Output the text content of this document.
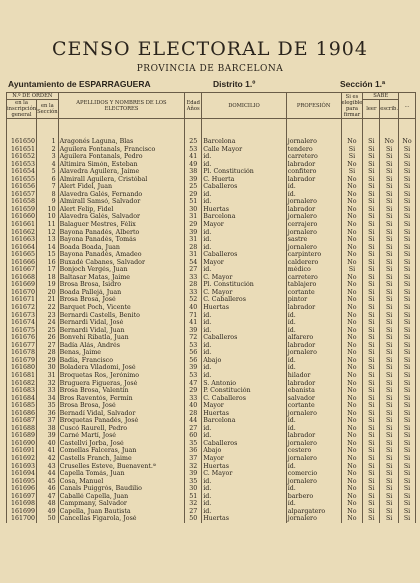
CENSO ELECTORAL DE 1904
PROVINCIA DE BARCELONA
Ayuntamiento de ESPARRAGUERA	Distrito 1.º	Sección 1.ª
N.º DE ORDEN		APELLIDOS Y NOMBRES DE LOS ELECTORES	Edad Años	DOMICILIO	PROFESIÓN	Si es elegible para firmar	SABE		...
en la inscripción general	en la Sección						leer	escrib.	
161650	1	Aragonés Laguna, Blas	25	Barcelona	jornalero	No	Si	No	No
161651	2	Aguilera Fontanals, Francisco	53	Calle Mayor	tendero	Si	Si	Si	Si
161652	3	Aguilera Fontanals, Pedro	41	íd.	carretero	Si	Si	Si	Si
161653	4	Altimira Simón, Esteban	49	íd.	labrador	No	Si	Si	Si
161654	5	Alavedra Aguilera, Jaime	38	Pl. Constitución	confitero	Si	Si	Si	Si
161655	6	Almirall Aguilera, Cristóbal	39	C. Huerta	labrador	No	Si	Si	Si
161656	7	Alert Fidel, Juan	25	Caballeros	íd.	No	Si	Si	Si
161657	8	Alavedra Galés, Fernando	29	íd.	íd.	No	Si	Si	Si
161658	9	Almirall Samsó, Salvador	51	íd.	jornalero	No	Si	Si	Si
161659	10	Alert Felip, Fidel	30	Huertas	labrador	No	Si	Si	Si
161660	10	Alavedra Galés, Salvador	31	Barcelona	jornalero	No	Si	Si	Si
161661	11	Balaguer Mestres, Félix	29	Mayor	cerrajero	No	Si	Si	Si
161662	12	Bayona Panadés, Alberto	39	íd.	jornalero	No	Si	Si	Si
161663	13	Bayona Panadés, Tomás	31	íd.	sastre	No	Si	Si	Si
161664	14	Boada Boada, Juan	28	íd.	jornalero	No	Si	Si	Si
161665	15	Bayona Panadés, Amadeo	31	Caballeros	carpintero	No	Si	Si	Si
161666	16	Buxadé Cabanes, Salvador	54	Mayor	calderero	No	Si	Si	Si
161667	17	Bonjoch Vergés, Juan	27	íd.	médico	Si	Si	Si	Si
161668	18	Baltasar Matas, Jaime	33	C. Mayor	carretero	No	Si	Si	Si
161669	19	Brosa Brosa, Isidro	28	Pl. Constitución	tablajero	No	Si	Si	Si
161670	20	Boada Pallejá, Juan	33	C. Mayor	cortante	No	Si	Si	Si
161671	21	Brosa Brosa, José	52	C. Caballeros	pintor	No	Si	Si	Si
161672	22	Barquet Poch, Vicente	40	Huertas	labrador	No	Si	Si	Si
161673	23	Bernardi Castells, Benito	71	íd.	íd.	No	Si	Si	Si
161674	24	Bernardi Vidal, José	41	íd.	íd.	No	Si	Si	Si
161675	25	Bernardi Vidal, Juan	39	íd.	íd.	No	Si	Si	Si
161676	26	Bonvehí Ribatla, Juan	72	Caballeros	alfarero	No	Si	Si	Si
161677	27	Badía Alás, Andrés	53	íd.	labrador	No	Si	Si	Si
161678	28	Benas, Jaime	56	íd.	jornalero	No	Si	Si	Si
161679	29	Badía, Francisco	56	Abajo	íd.	No	Si	Si	Si
161680	30	Boladera Viladomi, José	39	íd.	íd.	No	Si	Si	Si
161681	31	Broquetas Ros, Jerónimo	53	íd.	hilador	No	Si	Si	Si
161682	32	Bruguera Figueras, José	47	S. Antonio	labrador	No	Si	Si	Si
161683	33	Brosa Brosa, Valentín	29	P. Constitución	ebanista	No	Si	Si	Si
161684	34	Bros Raventós, Fermín	33	C. Caballeros	salvador	No	Si	Si	Si
161685	35	Brosa Brosa, José	40	Mayor	cortante	No	Si	Si	Si
161686	36	Bernadí Vidal, Salvador	28	Huertas	jornalero	No	Si	Si	Si
161687	37	Broquetas Panadés, José	44	Barcelona	íd.	No	Si	Si	Si
161688	38	Cuscó Raurell, Pedro	27	íd.	íd.	No	Si	Si	Si
161689	39	Carné Martí, José	60	íd.	labrador	No	Si	Si	Si
161690	40	Castellví Jorba, José	35	Caballeros	jornalero	No	Si	Si	Si
161691	41	Comellas Falceras, Juan	36	Abajo	cestero	No	Si	Si	Si
161692	42	Castells Franch, Jaime	37	Mayor	jornalero	No	Si	Si	Si
161693	43	Cruselles Esteve, Buenavent.ª	32	Huertas	íd.	No	Si	Si	Si
161694	44	Capella Tomás, Juan	39	C. Mayor	comercio	No	Si	Si	Si
161695	45	Cosa, Manuel	35	íd.	jornalero	No	Si	Si	Si
161696	46	Canals Puiggrós, Baudilio	30	íd.	íd.	No	Si	Si	Si
161697	47	Caballé Capella, Juan	51	íd.	barbero	No	Si	Si	Si
161698	48	Campmany, Salvador	32	íd.	íd.	No	Si	Si	Si
161699	49	Capella, Juan Bautista	27	íd.	alpargatero	No	Si	Si	Si
161700	50	Cancellas Figarola, José	50	Huertas	jornalero	No	Si	Si	Si
